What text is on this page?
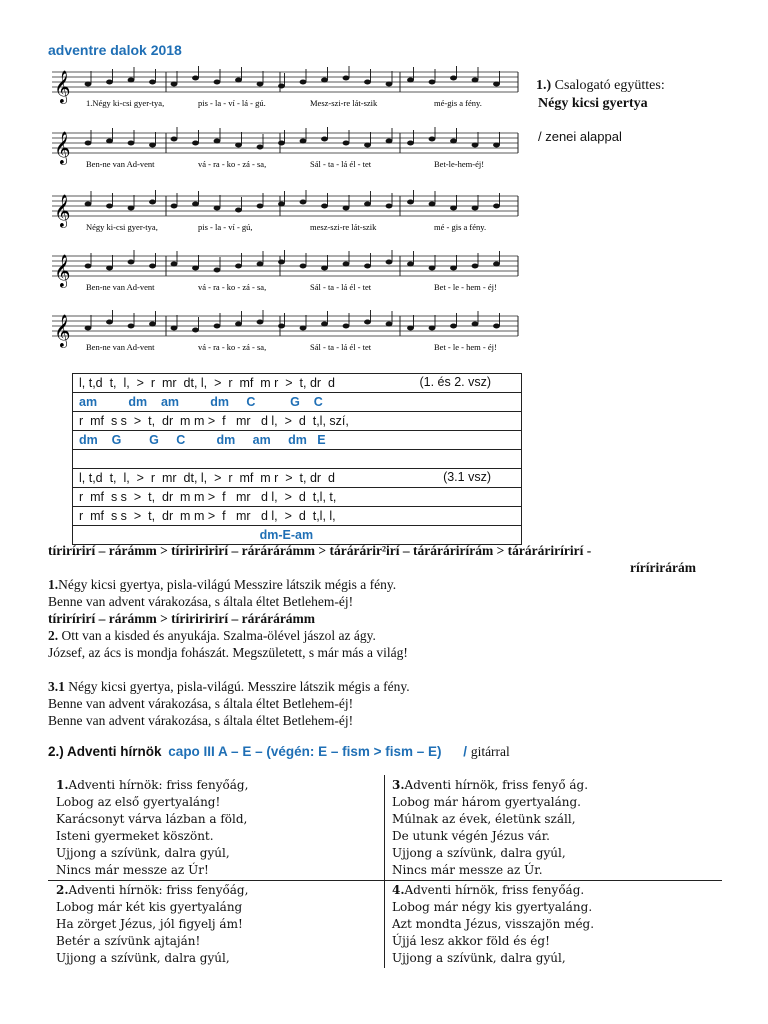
adventre dalok 2018
𝄞 1.Négy ki-csi gyer-tya,	pis - la - ví - lá - gú.	Mesz-szi-re lát-szik	mé-gis a fény.
𝄞 Ben-ne van Ad-vent	vá - ra - ko - zá - sa,	Sál - ta - lá él - tet	Bet-le-hem-éj!
𝄞 Négy ki-csi gyer-tya,	pis - la - ví - gú,	mesz-szi-re lát-szik	mé - gis a fény.
𝄞 Ben-ne van Ad-vent	vá - ra - ko - zá - sa,	Sál - ta - lá él - tet	Bet - le - hem - éj!
𝄞 Ben-ne van Ad-vent	vá - ra - ko - zá - sa,	Sál - ta - lá él - tet	Bet - le - hem - éj!
1.) Csalogató együttes:
Négy kicsi gyertya
/ zenei alappal
l, t,d  t,  l,  >  r  mr  dt, l,  >  r  mf  m r  >  t, dr  d	(1. és 2. vsz)

am         dm    am         dm     C          G    C
r  mf  s s  >  t,  dr  m m >  f   mr   d l,  >  d  t,l, szí,
dm    G        G     C         dm     am     dm   E

l, t,d  t,  l,  >  r  mr  dt, l,  >  r  mf  m r  >  t, dr  d	(3.1 vsz)

r  mf  s s  >  t,  dr  m m >  f   mr   d l,  >  d  t,l, t,
r  mf  s s  >  t,  dr  m m >  f   mr   d l,  >  d  t,l, l,
dm-E-am
tírirírirí – rárámm > tíririririrí – rárárárámm > tárárárir²irí – tárárárirírám > tárárárirírirí -
rírírirárám
1.Négy kicsi gyertya, pisla-világú Messzire látszik mégis a fény.
Benne van advent várakozása, s általa éltet Betlehem-éj!
tírirírirí – rárámm > tíririririrí – rárárárámm
2. Ott van a kisded és anyukája. Szalma-ölével jászol az ágy.
József, az ács is mondja fohászát. Megszületett, s már más a világ!
3.1 Négy kicsi gyertya, pisla-világú. Messzire látszik mégis a fény.
Benne van advent várakozása, s általa éltet Betlehem-éj!
Benne van advent várakozása, s általa éltet Betlehem-éj!
2.) Adventi hírnök capo III A – E – (végén: E – fism > fism – E) / gitárral
1.Adventi hírnök: friss fenyőág,
Lobog az első gyertyaláng!
Karácsonyt várva lázban a föld,
Isteni gyermeket köszönt.
Ujjong a szívünk, dalra gyúl,
Nincs már messze az Úr!
3.Adventi hírnök, friss fenyő ág.
Lobog már három gyertyaláng.
Múlnak az évek, életünk száll,
De utunk végén Jézus vár.
Ujjong a szívünk, dalra gyúl,
Nincs már messze az Úr.
2.Adventi hírnök: friss fenyőág,
Lobog már két kis gyertyaláng
Ha zörget Jézus, jól figyelj ám!
Betér a szívünk ajtaján!
Ujjong a szívünk, dalra gyúl,
4.Adventi hírnök, friss fenyőág.
Lobog már négy kis gyertyaláng.
Azt mondta Jézus, visszajön még.
Újjá lesz akkor föld és ég!
Ujjong a szívünk, dalra gyúl,
